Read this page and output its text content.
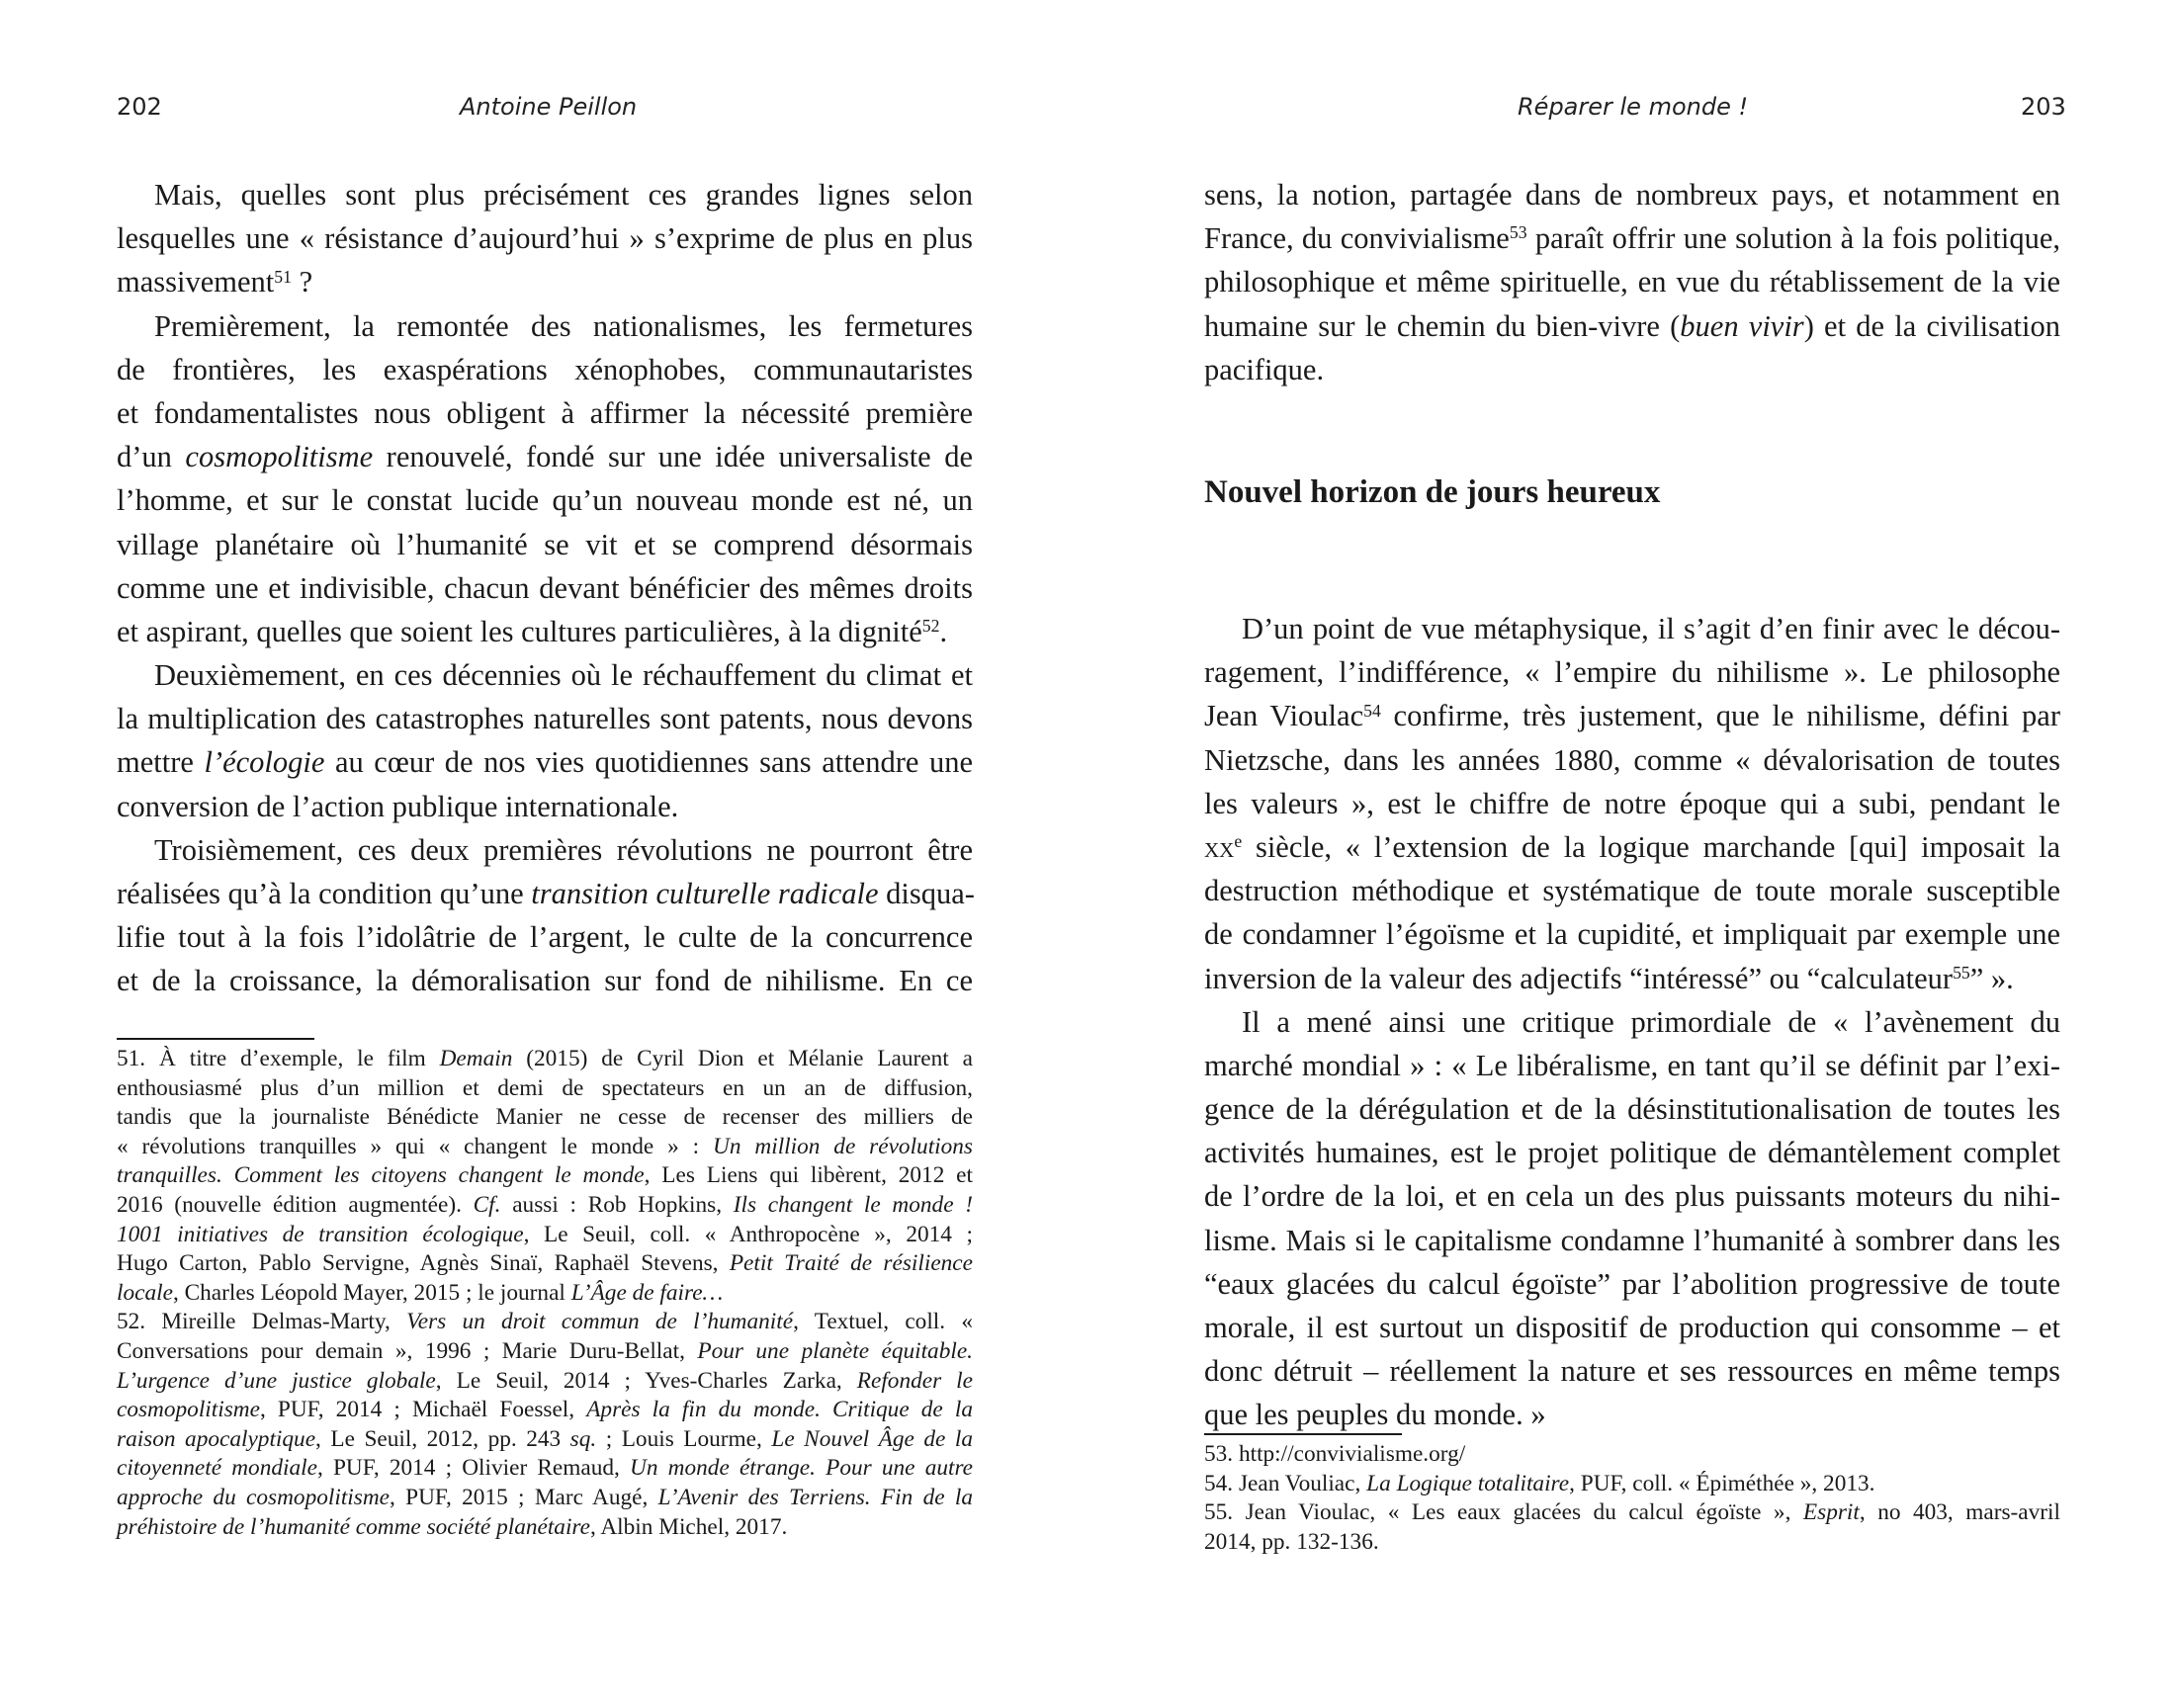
202	Antoine Peillon
Mais, quelles sont plus précisément ces grandes lignes selon
lesquelles une « résistance d’aujourd’hui » s’exprime de plus en plus
massivement$^{51}$ ?
Premièrement, la remontée des nationalismes, les fermetures
de frontières, les exaspérations xénophobes, communautaristes
et fondamentalistes nous obligent à affirmer la nécessité première
d’un cosmopolitisme renouvelé, fondé sur une idée universaliste de
l’homme, et sur le constat lucide qu’un nouveau monde est né, un
village planétaire où l’humanité se vit et se comprend désormais
comme une et indivisible, chacun devant bénéficier des mêmes droits
et aspirant, quelles que soient les cultures particulières, à la dignité$^{52}$.
Deuxièmement, en ces décennies où le réchauffement du climat et
la multiplication des catastrophes naturelles sont patents, nous devons
mettre l’écologie au cœur de nos vies quotidiennes sans attendre une
conversion de l’action publique internationale.
Troisièmement, ces deux premières révolutions ne pourront être
réalisées qu’à la condition qu’une transition culturelle radicale disqua-
lifie tout à la fois l’idolâtrie de l’argent, le culte de la concurrence
et de la croissance, la démoralisation sur fond de nihilisme. En ce
51. À titre d’exemple, le film Demain (2015) de Cyril Dion et Mélanie Laurent a
enthousiasmé plus d’un million et demi de spectateurs en un an de diffusion,
tandis que la journaliste Bénédicte Manier ne cesse de recenser des milliers de
« révolutions tranquilles » qui « changent le monde » : Un million de révolutions
tranquilles. Comment les citoyens changent le monde, Les Liens qui libèrent, 2012 et
2016 (nouvelle édition augmentée). Cf. aussi : Rob Hopkins, Ils changent le monde !
1001 initiatives de transition écologique, Le Seuil, coll. « Anthropocène », 2014 ;
Hugo Carton, Pablo Servigne, Agnès Sinaï, Raphaël Stevens, Petit Traité de résilience
locale, Charles Léopold Mayer, 2015 ; le journal L’Âge de faire…
52. Mireille Delmas-Marty, Vers un droit commun de l’humanité, Textuel, coll. «
Conversations pour demain », 1996 ; Marie Duru-Bellat, Pour une planète équitable.
L’urgence d’une justice globale, Le Seuil, 2014 ; Yves-Charles Zarka, Refonder le
cosmopolitisme, PUF, 2014 ; Michaël Foessel, Après la fin du monde. Critique de la
raison apocalyptique, Le Seuil, 2012, pp. 243 sq. ; Louis Lourme, Le Nouvel Âge de la
citoyenneté mondiale, PUF, 2014 ; Olivier Remaud, Un monde étrange. Pour une autre
approche du cosmopolitisme, PUF, 2015 ; Marc Augé, L’Avenir des Terriens. Fin de la
préhistoire de l’humanité comme société planétaire, Albin Michel, 2017.
Réparer le monde !	203
sens, la notion, partagée dans de nombreux pays, et notamment en
France, du convivialisme$^{53}$ paraît offrir une solution à la fois politique,
philosophique et même spirituelle, en vue du rétablissement de la vie
humaine sur le chemin du bien-vivre (buen vivir) et de la civilisation
pacifique.
Nouvel horizon de jours heureux
D’un point de vue métaphysique, il s’agit d’en finir avec le décou-
ragement, l’indifférence, « l’empire du nihilisme ». Le philosophe
Jean Vioulac$^{54}$ confirme, très justement, que le nihilisme, défini par
Nietzsche, dans les années 1880, comme « dévalorisation de toutes
les valeurs », est le chiffre de notre époque qui a subi, pendant le
$xx^e$ siècle, « l’extension de la logique marchande [qui] imposait la
destruction méthodique et systématique de toute morale susceptible
de condamner l’égoïsme et la cupidité, et impliquait par exemple une
inversion de la valeur des adjectifs “intéressé” ou “calculateur$^{55}$” ».
Il a mené ainsi une critique primordiale de « l’avènement du
marché mondial » : « Le libéralisme, en tant qu’il se définit par l’exi-
gence de la dérégulation et de la désinstitutionalisation de toutes les
activités humaines, est le projet politique de démantèlement complet
de l’ordre de la loi, et en cela un des plus puissants moteurs du nihi-
lisme. Mais si le capitalisme condamne l’humanité à sombrer dans les
“eaux glacées du calcul égoïste” par l’abolition progressive de toute
morale, il est surtout un dispositif de production qui consomme – et
donc détruit – réellement la nature et ses ressources en même temps
que les peuples du monde. »
53. http://convivialisme.org/
54. Jean Vouliac, La Logique totalitaire, PUF, coll. « Épiméthée », 2013.
55. Jean Vioulac, « Les eaux glacées du calcul égoïste », Esprit, no 403, mars-avril
2014, pp. 132-136.
